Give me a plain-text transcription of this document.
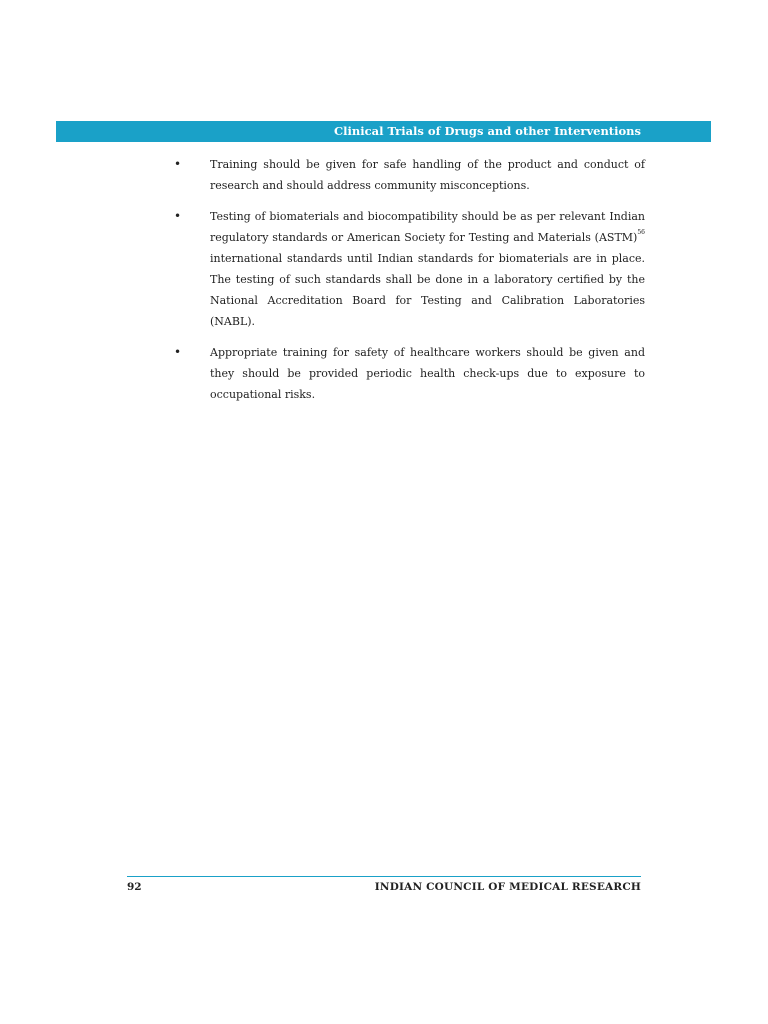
Clinical Trials of Drugs and other Interventions
•	Training should be given for safe handling of the product and conduct of research and should address community misconceptions.
•	Testing of biomaterials and biocompatibility should be as per relevant Indian regulatory standards or American Society for Testing and Materials (ASTM)$^{56}$ international standards until Indian standards for biomaterials are in place. The testing of such standards shall be done in a laboratory certified by the National Accreditation Board for Testing and Calibration Laboratories (NABL).
•	Appropriate training for safety of healthcare workers should be given and they should be provided periodic health check-ups due to exposure to occupational risks.
92	INDIAN COUNCIL OF MEDICAL RESEARCH
